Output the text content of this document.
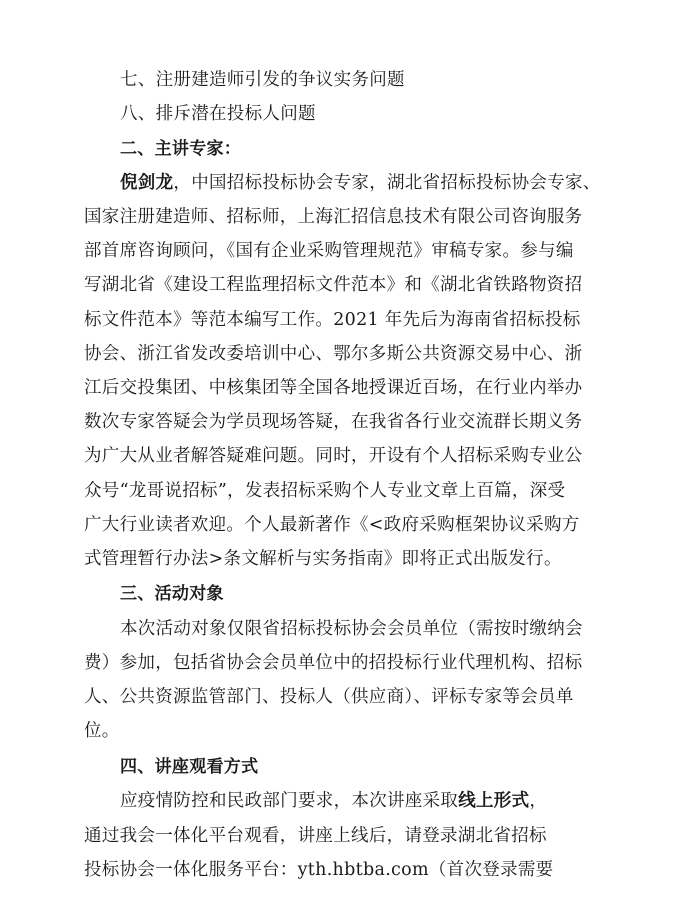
七、注册建造师引发的争议实务问题
八、排斥潜在投标人问题
二、主讲专家：
倪剑龙，中国招标投标协会专家，湖北省招标投标协会专家、
国家注册建造师、招标师，上海汇招信息技术有限公司咨询服务
部首席咨询顾问，《国有企业采购管理规范》审稿专家。参与编
写湖北省《建设工程监理招标文件范本》和《湖北省铁路物资招
标文件范本》等范本编写工作。2021 年先后为海南省招标投标
协会、浙江省发改委培训中心、鄂尔多斯公共资源交易中心、浙
江后交投集团、中核集团等全国各地授课近百场，在行业内举办
数次专家答疑会为学员现场答疑，在我省各行业交流群长期义务
为广大从业者解答疑难问题。同时，开设有个人招标采购专业公
众号“龙哥说招标”，发表招标采购个人专业文章上百篇，深受
广大行业读者欢迎。个人最新著作《<政府采购框架协议采购方
式管理暂行办法>条文解析与实务指南》即将正式出版发行。
三、活动对象
本次活动对象仅限省招标投标协会会员单位（需按时缴纳会
费）参加，包括省协会会员单位中的招投标行业代理机构、招标
人、公共资源监管部门、投标人（供应商）、评标专家等会员单
位。
四、讲座观看方式
应疫情防控和民政部门要求，本次讲座采取线上形式，
通过我会一体化平台观看，讲座上线后，请登录湖北省招标
投标协会一体化服务平台：yth.hbtba.com（首次登录需要
